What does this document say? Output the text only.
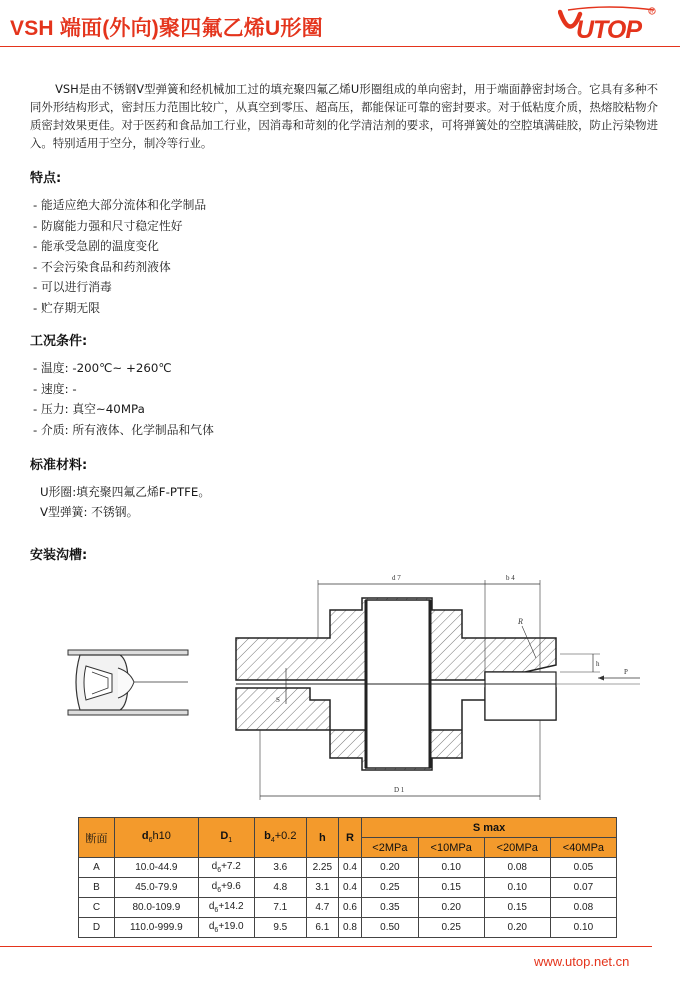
VSH 端面(外向)聚四氟乙烯U形圈	UTOP
R

VSH是由不锈钢V型弹簧和经机械加工过的填充聚四氟乙烯U形圈组成的单向密封，用于端面静密封场合。它具有多种不同外形结构形式，密封压力范围比较广，从真空到零压、超高压，都能保证可靠的密封要求。对于低粘度介质，热熔胶粘物介质密封效果更佳。对于医药和食品加工行业，因消毒和苛刻的化学清洁剂的要求，可将弹簧处的空腔填满硅胶，防止污染物进入。特别适用于空分，制冷等行业。

特点:
- 能适应绝大部分流体和化学制品
- 防腐能力强和尺寸稳定性好
- 能承受急剧的温度变化
- 不会污染食品和药剂液体
- 可以进行消毒
- 贮存期无限
工况条件:
- 温度: -200℃~ +260℃
- 速度: -
- 压力: 真空~40MPa
- 介质: 所有液体、化学制品和气体
标准材料:
U形圈:填充聚四氟乙烯F-PTFE。
V型弹簧: 不锈钢。
安装沟槽:
d 7	b 4
R
h
P
S
D 1
断面	$d_6h10$	$D_1$	$b_4+0.2$	h	R	S max			
						<2MPa	<10MPa	<20MPa	<40MPa
A	10.0-44.9	$d_6+7.2$	3.6	2.25	0.4	0.20	0.10	0.08	0.05
B	45.0-79.9	$d_6+9.6$	4.8	3.1	0.4	0.25	0.15	0.10	0.07
C	80.0-109.9	$d_6+14.2$	7.1	4.7	0.6	0.35	0.20	0.15	0.08
D	110.0-999.9	$d_6+19.0$	9.5	6.1	0.8	0.50	0.25	0.20	0.10
www.utop.net.cn
